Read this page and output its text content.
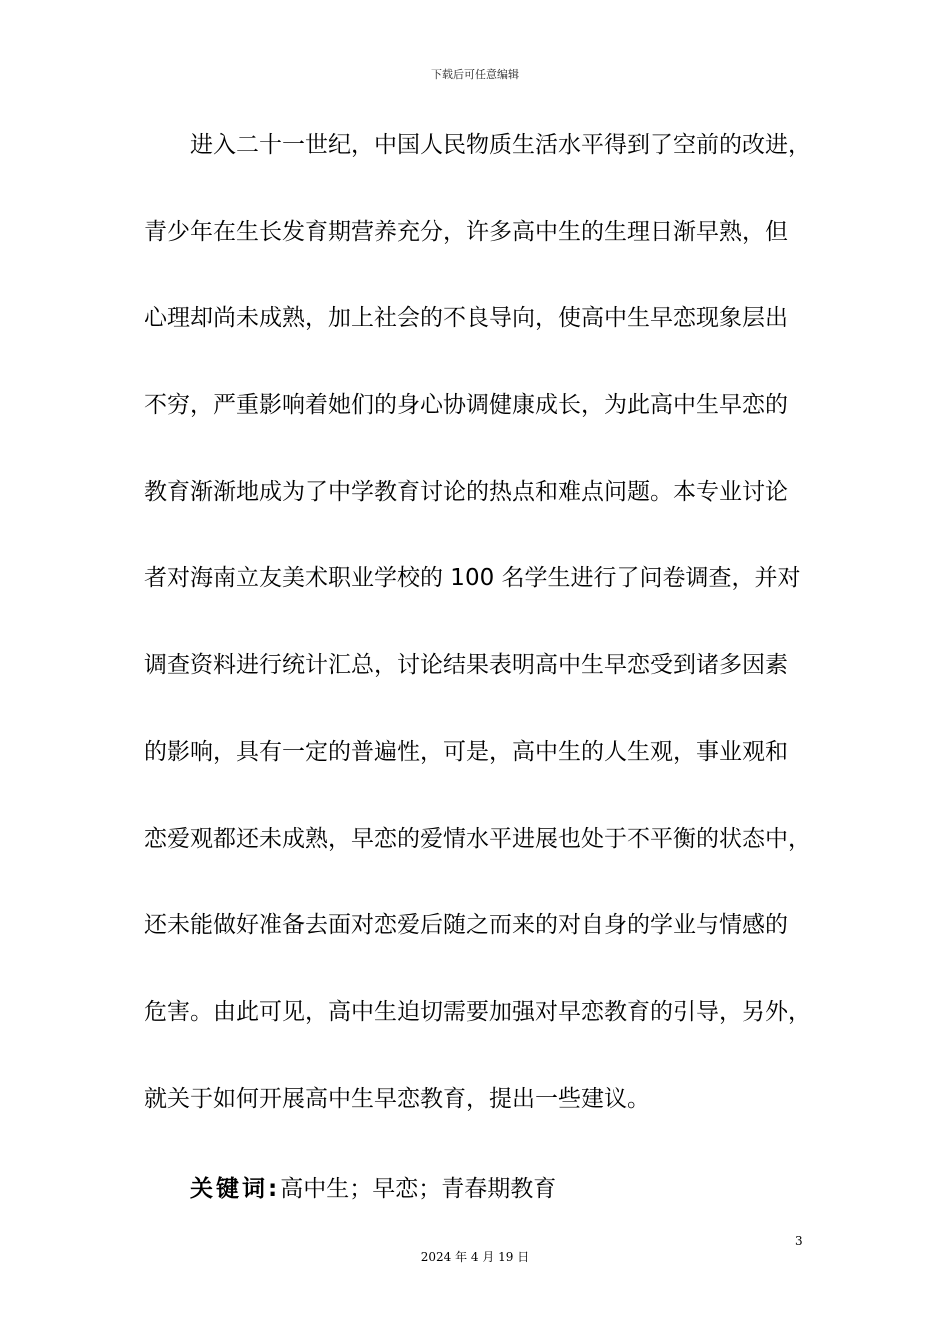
下载后可任意编辑
进入二十一世纪，中国人民物质生活水平得到了空前的改进，
青少年在生长发育期营养充分，许多高中生的生理日渐早熟，但
心理却尚未成熟，加上社会的不良导向，使高中生早恋现象层出
不穷，严重影响着她们的身心协调健康成长，为此高中生早恋的
教育渐渐地成为了中学教育讨论的热点和难点问题。本专业讨论
者对海南立友美术职业学校的 100 名学生进行了问卷调查，并对
调查资料进行统计汇总，讨论结果表明高中生早恋受到诸多因素
的影响，具有一定的普遍性，可是，高中生的人生观，事业观和
恋爱观都还未成熟，早恋的爱情水平进展也处于不平衡的状态中，
还未能做好准备去面对恋爱后随之而来的对自身的学业与情感的
危害。由此可见，高中生迫切需要加强对早恋教育的引导，另外，
就关于如何开展高中生早恋教育，提出一些建议。
关键词:高中生；早恋；青春期教育
3
2024 年 4 月 19 日
